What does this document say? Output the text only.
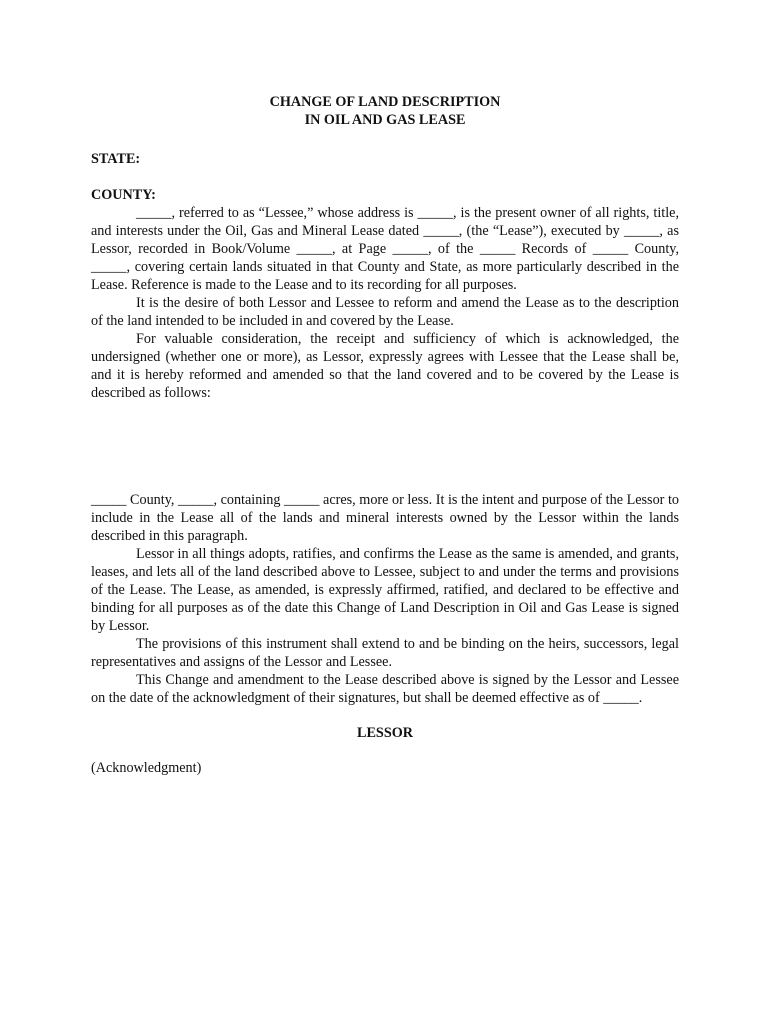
CHANGE OF LAND DESCRIPTION

IN OIL AND GAS LEASE

STATE:

COUNTY:

_____, referred to as “Lessee,” whose address is _____, is the present owner of all rights, title, and interests under the Oil, Gas and Mineral Lease dated _____, (the “Lease”), executed by _____, as Lessor, recorded in Book/Volume _____, at Page _____, of the _____ Records of _____ County, _____, covering certain lands situated in that County and State, as more particularly described in the Lease. Reference is made to the Lease and to its recording for all purposes.

It is the desire of both Lessor and Lessee to reform and amend the Lease as to the description of the land intended to be included in and covered by the Lease.

For valuable consideration, the receipt and sufficiency of which is acknowledged, the undersigned (whether one or more), as Lessor, expressly agrees with Lessee that the Lease shall be, and it is hereby reformed and amended so that the land covered and to be covered by the Lease is described as follows:

_____ County, _____, containing _____ acres, more or less. It is the intent and purpose of the Lessor to include in the Lease all of the lands and mineral interests owned by the Lessor within the lands described in this paragraph.

Lessor in all things adopts, ratifies, and confirms the Lease as the same is amended, and grants, leases, and lets all of the land described above to Lessee, subject to and under the terms and provisions of the Lease. The Lease, as amended, is expressly affirmed, ratified, and declared to be effective and binding for all purposes as of the date this Change of Land Description in Oil and Gas Lease is signed by Lessor.

The provisions of this instrument shall extend to and be binding on the heirs, successors, legal representatives and assigns of the Lessor and Lessee.

This Change and amendment to the Lease described above is signed by the Lessor and Lessee on the date of the acknowledgment of their signatures, but shall be deemed effective as of _____.

LESSOR

(Acknowledgment)
